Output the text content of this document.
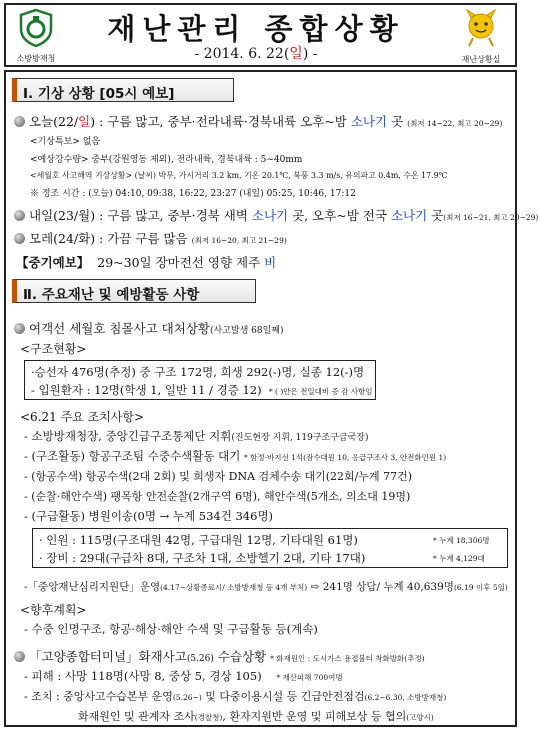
소방방재청
재난관리 종합상황
- 2014. 6. 22(일) -	재난상황실
Ⅰ. 기상 상황 [05시 예보]
오늘(22/일) : 구름 많고, 중부·전라내륙·경북내륙 오후~밤 소나기 곳 (최저 14~22, 최고 20~29)
<기상특보> 없음
<예상강수량> 중부(강원영동 제외), 전라내륙, 경북내륙 : 5~40mm
<세월호 사고해역 기상상황> (날씨) 박무, 가시거리 3.2 km, 기온 20.1℃, 북풍 3.3 m/s, 유의파고 0.4m, 수온 17.9℃
※ 정조 시간 : (오늘) 04:10, 09:38, 16:22, 23:27 (내일) 05:25, 10:46, 17:12
내일(23/월) : 구름 많고, 중부·경북 새벽 소나기 곳, 오후~밤 전국 소나기 곳(최저 16~21, 최고 20~29)
모레(24/화) : 가끔 구름 많음 (최저 16~20, 최고 21~29)
【중기예보】 29~30일 장마전선 영향 제주 비
Ⅱ. 주요재난 및 예방활동 사항
여객선 세월호 침몰사고 대처상황(사고발생 68일째)
<구조현황>
·승선자 476명(추정) 중 구조 172명, 희생 292(-)명, 실종 12(-)명
- 입원환자 : 12명(학생 1, 일반 11 / 경증 12) * ( )안은 전일대비 증 감 사항임
<6.21 주요 조치사항>
- 소방방재청장, 중앙긴급구조통제단 지휘(진도현장 지휘, 119구조구급국장)
- (구조활동) 항공구조팀 수중수색활동 대기 * 함정·바지선 1석(잠수대원 10, 응급구조사 3, 안전화인원 1)
- (항공수색) 항공수색(2대 2회) 및 희생자 DNA 검체수송 대기(22회/누계 77건)
- (순찰·해안수색) 팽목항 안전순찰(2개구역 6명), 해안수색(5개소, 의소대 19명)
- (구급활동) 병원이송(0명 → 누계 534건 346명)
· 인원 : 115명(구조대원 42명, 구급대원 12명, 기타대원 61명)	* 누계 18,306명
· 장비 : 29대(구급차 8대, 구조차 1대, 소방헬기 2대, 기타 17대)	* 누계 4,129대
-「중앙재난심리지원단」운영(4.17~상황종료시/ 소방방재청 등 4개 부처) ⇨ 241명 상담/ 누계 40,639명(6.19 이후 5일)
<향후계획>
- 수중 인명구조, 항공·해상·해안 수색 및 구급활동 등(계속)
「고양종합터미널」화재사고(5.26) 수습상황 * 화재원인 : 도시가스 용접불티 착화발화(추정)
- 피해 : 사망 118명(사망 8, 중상 5, 경상 105) * 재산피해 700여명
- 조치 : 중앙사고수습본부 운영(5.26~) 및 다중이용시설 등 긴급안전점검(6.2~6.30, 소방방재청)
화재원인 및 관계자 조사(경찰청), 환자지원반 운영 및 피해보상 등 협의(고양시)
